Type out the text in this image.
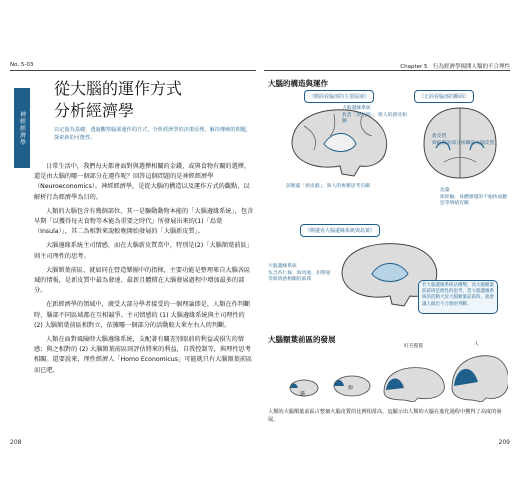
No. 5-03
神經經濟學
從大腦的運作方式
分析經濟學
以定量為基礎，透過觀察腦部運作的方式，分析經濟學的決策原理，解決傳統的問題，探索新的可能性。

日常生活中，我們每天都會面對與選擇相關的金錢，或與食物有關的選擇，還是由大腦的哪一個部分在運作呢？回答這個問題的是神經經濟學（Neuroeconomics）。神經經濟學，是從大腦的構造以及運作方式的觀點，以解析行為經濟學為目的。

人類的大腦包含有幾個部位，其一是驅動動物本能的「大腦邊緣系統」，包含早期「以獲得每天食物等本能為重要之時代」所發展出來的(1)「島葉（Insula）」，其二為相對來說較晚開始發展的「大腦新皮質」。

大腦邊緣系統主司情感，而在大腦新皮質當中，特別是(2)「大腦額葉前區」則主司理性的思考。

大腦額葉前區，就如同在營造樂團中的指揮，主要功能是整理來自大腦各區域的情報，是新皮質中最為發達、最新且體積在大腦發展過程中增加最多的部分。

在新經濟學的領域中，廣受大部分學者接受的一個理論即是，人類在作判斷時，腦部不同區域都在互相競爭。主司情感的 (1) 大腦邊緣系統與主司理性的 (2) 大腦額葉前區相對立，依據哪一個部分的活動較大來左右人的判斷。

人類在面對風險時大腦邊緣系統，支配著有關差別眼前的利益或損失的情感；與之相對的 (2) 大腦額葉前區則評估將來的利益，自我控制等，與理性思考相關。還要說來，理性經濟人「Homo Economicus」可能就只有大腦額葉前區而已吧。

208
Chapter 5　行為經濟學揭開人類的不合理性
大腦的構造與運作
《側面看腦部的主要區域》	《正面看腦部的斷面》
大腦邊緣系統
負責「原始腦」，與人的感受相關
前額葉「新皮腦」，與人的複雜思考有關
新皮質
與較新的部分相關的大腦皮質
島葉
與經驗、身體感覺的不愉快或厭惡等情緒有關
《側邊看大腦邊緣系統與島葉》
大腦邊緣系統
包含杏仁核、海馬迴、扣帶迴等與情感相關的區域
若大腦邊緣系統佔優勢，而大腦額葉前區則是理性的思考，當大腦邊緣系統的活動大於大腦額葉前區時，就會讓人做出不合理的判斷。
大腦額葉前區的發展
貓
狗
紅毛猩猩	人
人類的大腦額葉前區占整個大腦皮質的比例相當高，這顯示出人類的大腦在進化過程中獲得了高度的發展。
209
